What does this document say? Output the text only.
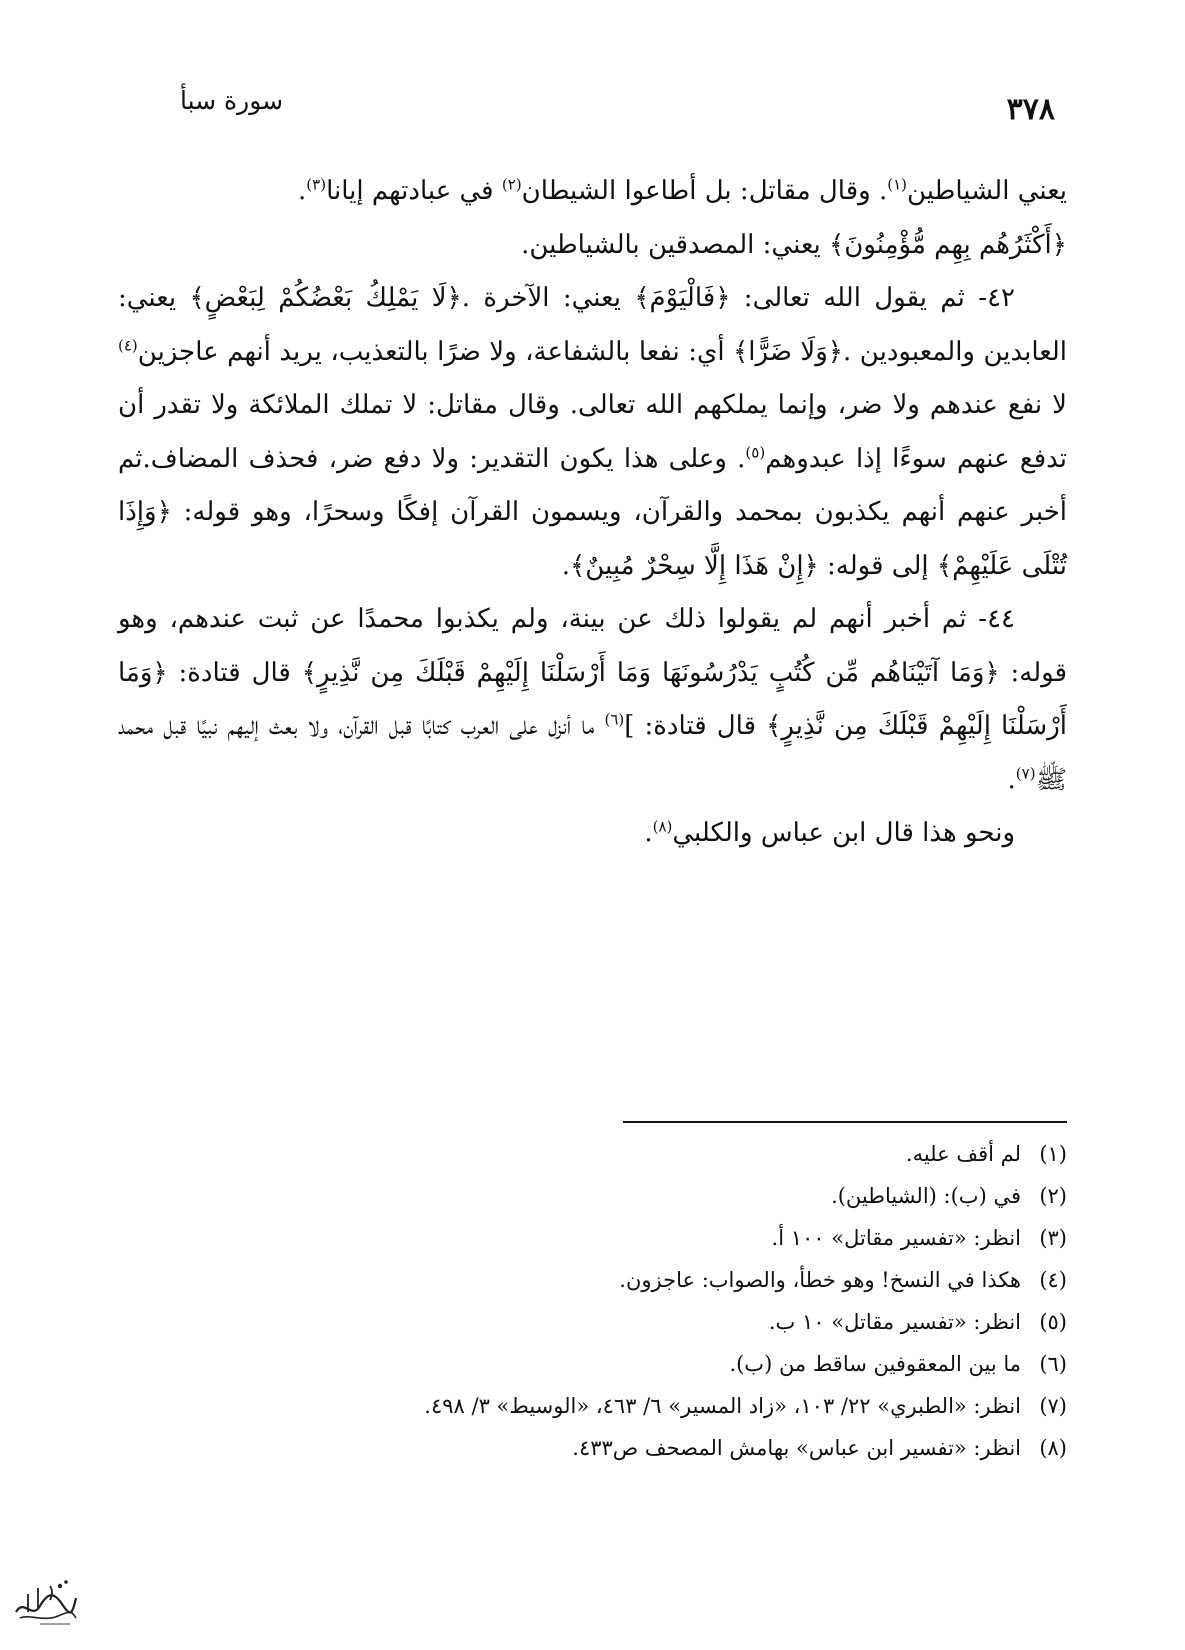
٣٧٨
سورة سبأ

يعني الشياطين$^{(١)}$. وقال مقاتل: بل أطاعوا الشيطان$^{(٢)}$ في عبادتهم إيانا$^{(٣)}$.

﴿أَكْثَرُهُم بِهِم مُّؤْمِنُونَ﴾ يعني: المصدقين بالشياطين.

٤٢- ثم يقول الله تعالى: ﴿فَالْيَوْمَ﴾ يعني: الآخرة .﴿لَا يَمْلِكُ بَعْضُكُمْ لِبَعْضٍ﴾ يعني: العابدين والمعبودين .﴿وَلَا ضَرًّا﴾ أي: نفعا بالشفاعة، ولا ضرًا بالتعذيب، يريد أنهم عاجزين$^{(٤)}$ لا نفع عندهم ولا ضر، وإنما يملكهم الله تعالى. وقال مقاتل: لا تملك الملائكة ولا تقدر أن تدفع عنهم سوءًا إذا عبدوهم$^{(٥)}$. وعلى هذا يكون التقدير: ولا دفع ضر، فحذف المضاف.ثم أخبر عنهم أنهم يكذبون بمحمد والقرآن، ويسمون القرآن إفكًا وسحرًا، وهو قوله: ﴿وَإِذَا تُتْلَى عَلَيْهِمْ﴾ إلى قوله: ﴿إِنْ هَذَا إِلَّا سِحْرٌ مُبِينٌ﴾.

٤٤- ثم أخبر أنهم لم يقولوا ذلك عن بينة، ولم يكذبوا محمدًا عن ثبت عندهم، وهو قوله: ﴿وَمَا آتَيْنَاهُم مِّن كُتُبٍ يَدْرُسُونَهَا وَمَا أَرْسَلْنَا إِلَيْهِمْ قَبْلَكَ مِن نَّذِيرٍ﴾ قال قتادة: ﴿وَمَا أَرْسَلْنَا إِلَيْهِمْ قَبْلَكَ مِن نَّذِيرٍ﴾ قال قتادة: ]$^{(٦)}$ ما أنزل على العرب كتابًا قبل القرآن، ولا بعث إليهم نبيًا قبل محمد ﷺ$^{(٧)}$.

ونحو هذا قال ابن عباس والكلبي$^{(٨)}$.

(١)
لم أقف عليه.
(٢)
في (ب): (الشياطين).
(٣)
انظر: «تفسير مقاتل» ١٠٠ أ.
(٤)
هكذا في النسخ! وهو خطأ، والصواب: عاجزون.
(٥)
انظر: «تفسير مقاتل» ١٠ ب.
(٦)
ما بين المعقوفين ساقط من (ب).
(٧)
انظر: «الطبري» ٢٢/ ١٠٣، «زاد المسير» ٦/ ٤٦٣، «الوسيط» ٣/ ٤٩٨.
(٨)
انظر: «تفسير ابن عباس» بهامش المصحف ص٤٣٣.
